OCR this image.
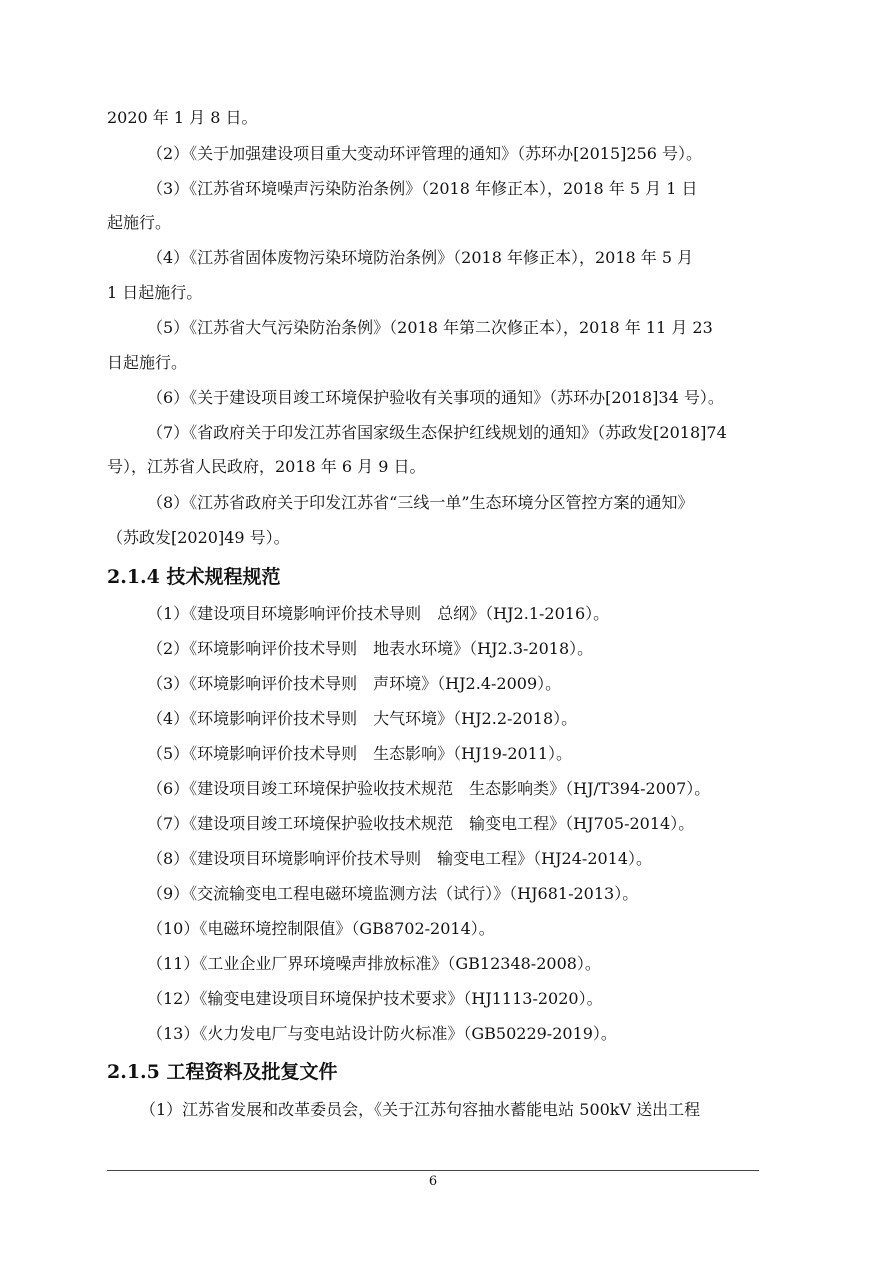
2020 年 1 月 8 日。
（2）《关于加强建设项目重大变动环评管理的通知》（苏环办[2015]256 号）。
（3）《江苏省环境噪声污染防治条例》（2018 年修正本），2018 年 5 月 1 日
起施行。
（4）《江苏省固体废物污染环境防治条例》（2018 年修正本），2018 年 5 月
1 日起施行。
（5）《江苏省大气污染防治条例》（2018 年第二次修正本），2018 年 11 月 23
日起施行。
（6）《关于建设项目竣工环境保护验收有关事项的通知》（苏环办[2018]34 号）。
（7）《省政府关于印发江苏省国家级生态保护红线规划的通知》（苏政发[2018]74
号），江苏省人民政府，2018 年 6 月 9 日。
（8）《江苏省政府关于印发江苏省“三线一单”生态环境分区管控方案的通知》
（苏政发[2020]49 号）。
2.1.4 技术规程规范
（1）《建设项目环境影响评价技术导则　总纲》（HJ2.1-2016）。
（2）《环境影响评价技术导则　地表水环境》（HJ2.3-2018）。
（3）《环境影响评价技术导则　声环境》（HJ2.4-2009）。
（4）《环境影响评价技术导则　大气环境》（HJ2.2-2018）。
（5）《环境影响评价技术导则　生态影响》（HJ19-2011）。
（6）《建设项目竣工环境保护验收技术规范　生态影响类》（HJ/T394-2007）。
（7）《建设项目竣工环境保护验收技术规范　输变电工程》（HJ705-2014）。
（8）《建设项目环境影响评价技术导则　输变电工程》（HJ24-2014）。
（9）《交流输变电工程电磁环境监测方法（试行）》（HJ681-2013）。
（10）《电磁环境控制限值》（GB8702-2014）。
（11）《工业企业厂界环境噪声排放标准》（GB12348-2008）。
（12）《输变电建设项目环境保护技术要求》（HJ1113-2020）。
（13）《火力发电厂与变电站设计防火标准》（GB50229-2019）。
2.1.5 工程资料及批复文件
（1）江苏省发展和改革委员会，《关于江苏句容抽水蓄能电站 500kV 送出工程
6
